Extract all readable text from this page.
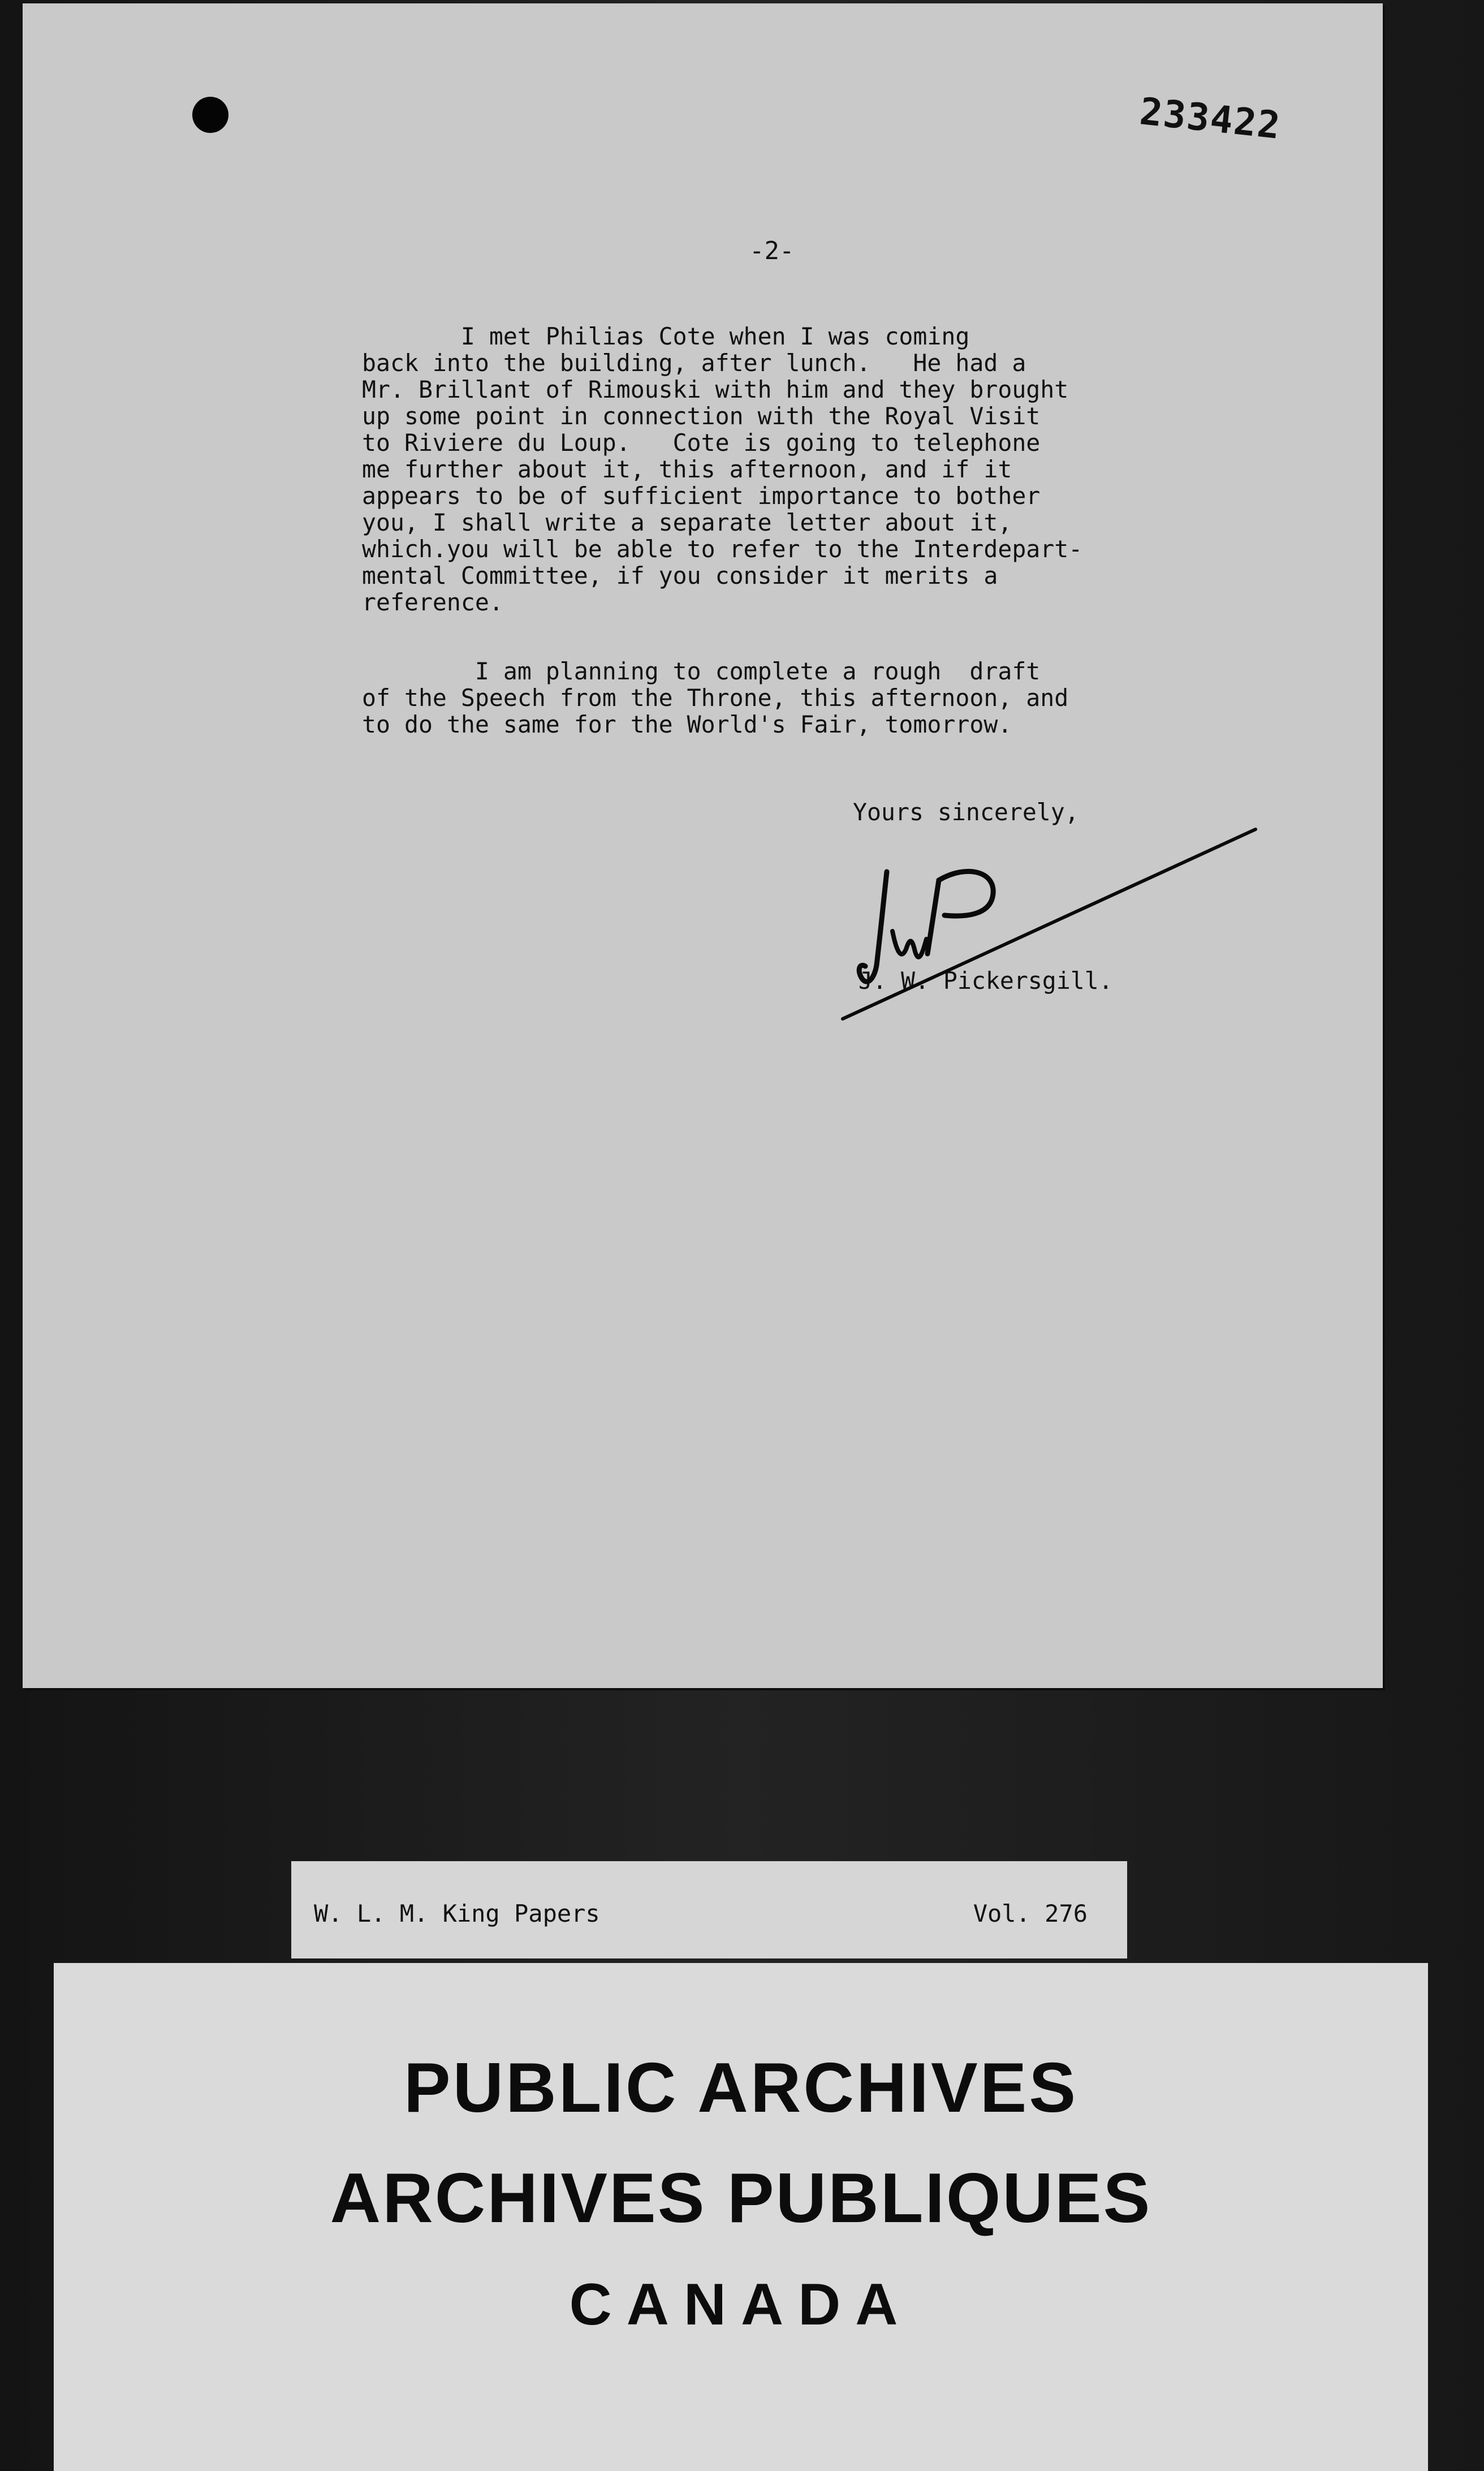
233422
-2-

I met Philias Cote when I was coming
back into the building, after lunch.   He had a
Mr. Brillant of Rimouski with him and they brought
up some point in connection with the Royal Visit
to Riviere du Loup.   Cote is going to telephone
me further about it, this afternoon, and if it
appears to be of sufficient importance to bother
you, I shall write a separate letter about it,
which.you will be able to refer to the Interdepart-
mental Committee, if you consider it merits a
reference.

I am planning to complete a rough  draft
of the Speech from the Throne, this afternoon, and
to do the same for the World's Fair, tomorrow.

Yours sincerely,
J. W. Pickersgill.
W. L. M. King Papers	Vol. 276
PUBLIC ARCHIVES
ARCHIVES PUBLIQUES
CANADA
